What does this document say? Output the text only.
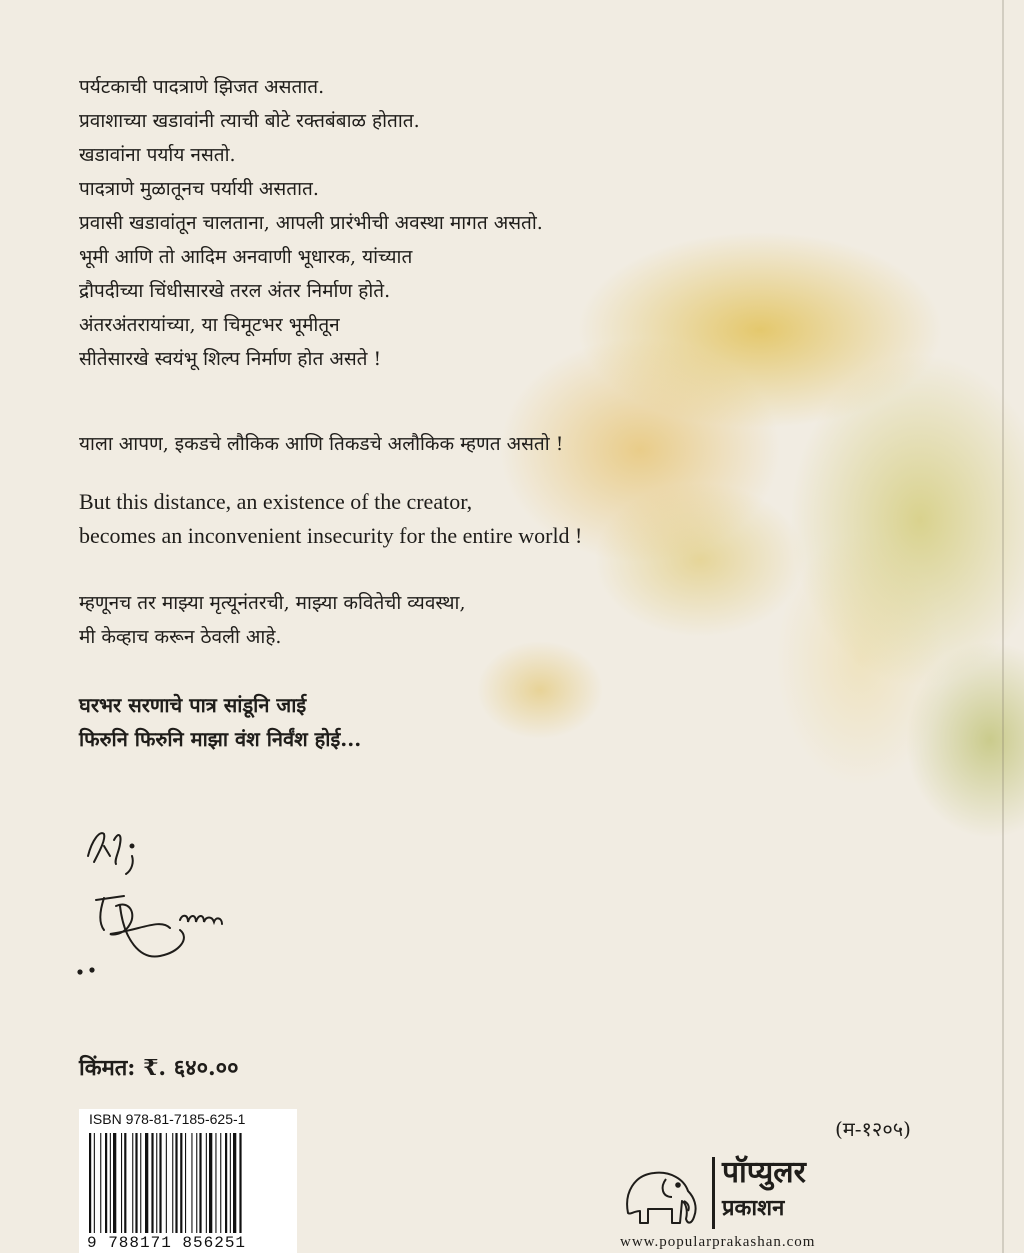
पर्यटकाची पादत्राणे झिजत असतात.
प्रवाशाच्या खडावांनी त्याची बोटे रक्तबंबाळ होतात.
खडावांना पर्याय नसतो.
पादत्राणे मुळातूनच पर्यायी असतात.
प्रवासी खडावांतून चालताना, आपली प्रारंभीची अवस्था मागत असतो.
भूमी आणि तो आदिम अनवाणी भूधारक, यांच्यात
द्रौपदीच्या चिंधीसारखे तरल अंतर निर्माण होते.
अंतरअंतरायांच्या, या चिमूटभर भूमीतून
सीतेसारखे स्वयंभू शिल्प निर्माण होत असते !
याला आपण, इकडचे लौकिक आणि तिकडचे अलौकिक म्हणत असतो !
But this distance, an existence of the creator,
becomes an inconvenient insecurity for the entire world !
म्हणूनच तर माझ्या मृत्यूनंतरची, माझ्या कवितेची व्यवस्था,
मी केव्हाच करून ठेवली आहे.
घरभर सरणाचे पात्र सांडूनि जाई
फिरुनि फिरुनि माझा वंश निर्वंश होई...
किंमत: ₹. ६४०.००
ISBN 978-81-7185-625-1
9 788171 856251
(म-१२०५)
पॉप्युलर
प्रकाशन
www.popularprakashan.com
